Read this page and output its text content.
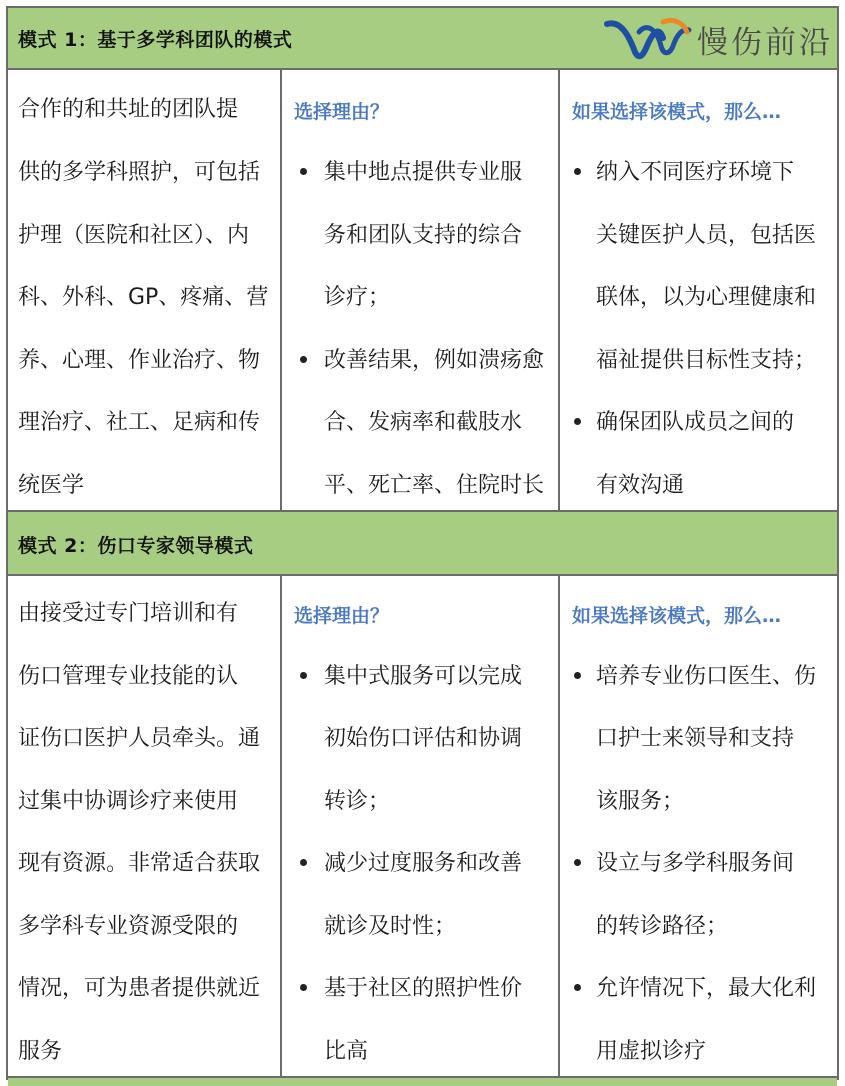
模式 1：基于多学科团队的模式	慢伤前沿
合作的和共址的团队提
供的多学科照护，可包括
护理（医院和社区）、内
科、外科、GP、疼痛、营
养、心理、作业治疗、物
理治疗、社工、足病和传
统医学
选择理由？
集中地点提供专业服
务和团队支持的综合
诊疗；
改善结果，例如溃疡愈
合、发病率和截肢水
平、死亡率、住院时长
如果选择该模式，那么…
纳入不同医疗环境下
关键医护人员，包括医
联体，以为心理健康和
福祉提供目标性支持；
确保团队成员之间的
有效沟通
模式 2：伤口专家领导模式
由接受过专门培训和有
伤口管理专业技能的认
证伤口医护人员牵头。通
过集中协调诊疗来使用
现有资源。非常适合获取
多学科专业资源受限的
情况，可为患者提供就近
服务
选择理由？
集中式服务可以完成
初始伤口评估和协调
转诊；
减少过度服务和改善
就诊及时性；
基于社区的照护性价
比高
如果选择该模式，那么…
培养专业伤口医生、伤
口护士来领导和支持
该服务；
设立与多学科服务间
的转诊路径；
允许情况下，最大化利
用虚拟诊疗
